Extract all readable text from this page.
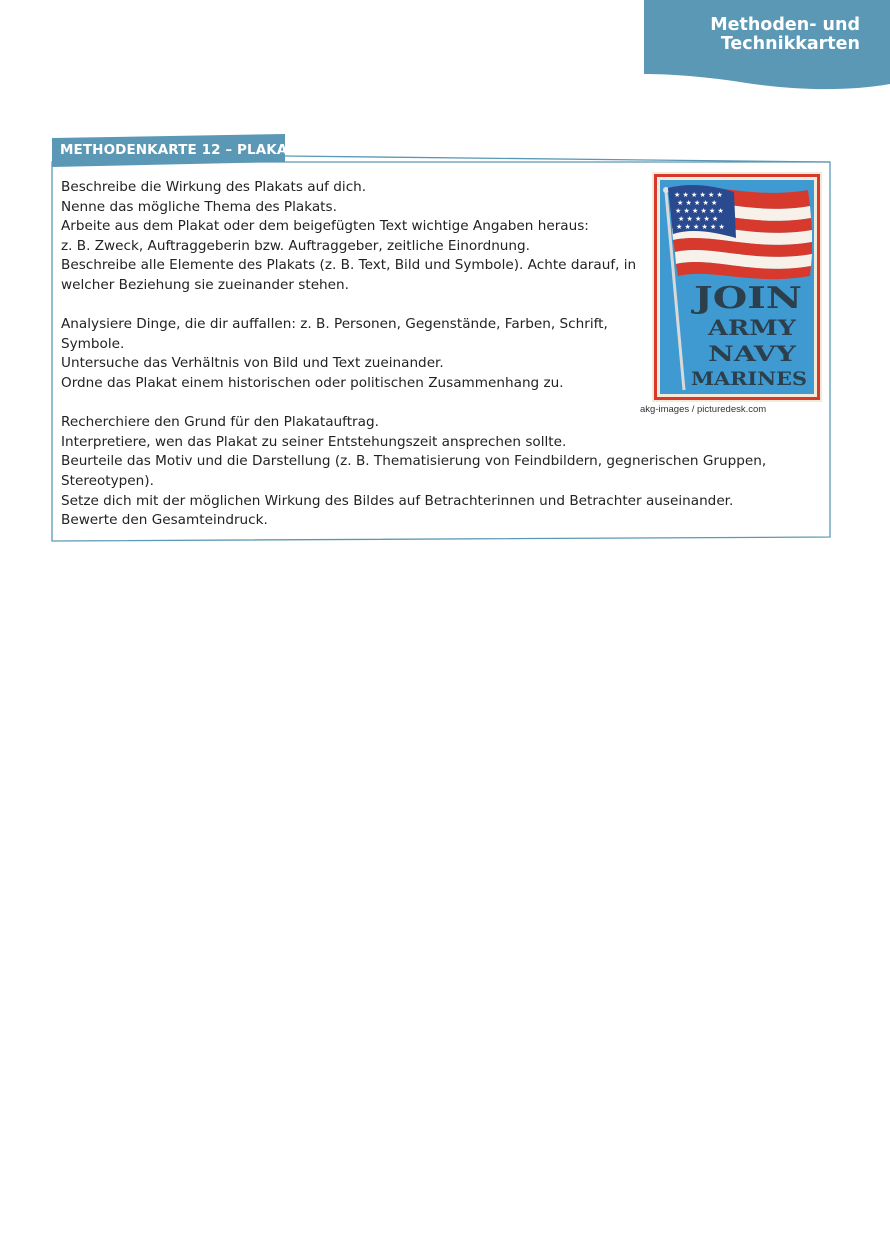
Methoden- und
Technikkarten
METHODENKARTE 12 – PLAKAT
Beschreibe die Wirkung des Plakats auf dich.
Nenne das mögliche Thema des Plakats.
Arbeite aus dem Plakat oder dem beigefügten Text wichtige Angaben heraus:
z. B. Zweck, Auftraggeberin bzw. Auftraggeber, zeitliche Einordnung.
Beschreibe alle Elemente des Plakats (z. B. Text, Bild und Symbole). Achte darauf, in
welcher Beziehung sie zueinander stehen.
Analysiere Dinge, die dir auffallen: z. B. Personen, Gegenstände, Farben, Schrift,
Symbole.
Untersuche das Verhältnis von Bild und Text zueinander.
Ordne das Plakat einem historischen oder politischen Zusammenhang zu.
Recherchiere den Grund für den Plakatauftrag.
Interpretiere, wen das Plakat zu seiner Entstehungszeit ansprechen sollte.
Beurteile das Motiv und die Darstellung (z. B. Thematisierung von Feindbildern, gegnerischen Gruppen,
Stereotypen).
Setze dich mit der möglichen Wirkung des Bildes auf Betrachterinnen und Betrachter auseinander.
Bewerte den Gesamteindruck.
★ ★ ★ ★ ★ ★
★ ★ ★ ★ ★
★ ★ ★ ★ ★ ★
★ ★ ★ ★ ★
★ ★ ★ ★ ★ ★
JOIN
ARMY
NAVY
MARINES
akg-images / picturedesk.com
